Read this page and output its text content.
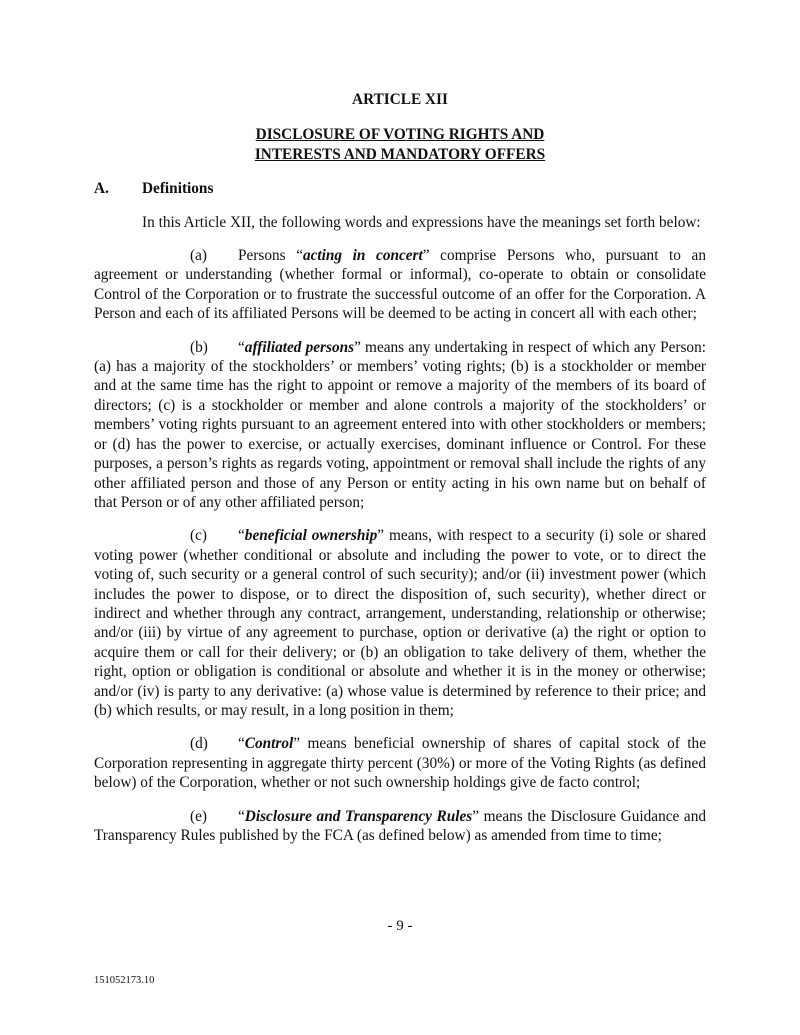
ARTICLE XII
DISCLOSURE OF VOTING RIGHTS AND
INTERESTS AND MANDATORY OFFERS
A. Definitions

In this Article XII, the following words and expressions have the meanings set forth below:

(a) Persons “acting in concert” comprise Persons who, pursuant to an agreement or understanding (whether formal or informal), co-operate to obtain or consolidate Control of the Corporation or to frustrate the successful outcome of an offer for the Corporation. A Person and each of its affiliated Persons will be deemed to be acting in concert all with each other;

(b) “affiliated persons” means any undertaking in respect of which any Person: (a) has a majority of the stockholders’ or members’ voting rights; (b) is a stockholder or member and at the same time has the right to appoint or remove a majority of the members of its board of directors; (c) is a stockholder or member and alone controls a majority of the stockholders’ or members’ voting rights pursuant to an agreement entered into with other stockholders or members; or (d) has the power to exercise, or actually exercises, dominant influence or Control. For these purposes, a person’s rights as regards voting, appointment or removal shall include the rights of any other affiliated person and those of any Person or entity acting in his own name but on behalf of that Person or of any other affiliated person;

(c) “beneficial ownership” means, with respect to a security (i) sole or shared voting power (whether conditional or absolute and including the power to vote, or to direct the voting of, such security or a general control of such security); and/or (ii) investment power (which includes the power to dispose, or to direct the disposition of, such security), whether direct or indirect and whether through any contract, arrangement, understanding, relationship or otherwise; and/or (iii) by virtue of any agreement to purchase, option or derivative (a) the right or option to acquire them or call for their delivery; or (b) an obligation to take delivery of them, whether the right, option or obligation is conditional or absolute and whether it is in the money or otherwise; and/or (iv) is party to any derivative: (a) whose value is determined by reference to their price; and (b) which results, or may result, in a long position in them;

(d) “Control” means beneficial ownership of shares of capital stock of the Corporation representing in aggregate thirty percent (30%) or more of the Voting Rights (as defined below) of the Corporation, whether or not such ownership holdings give de facto control;

(e) “Disclosure and Transparency Rules” means the Disclosure Guidance and Transparency Rules published by the FCA (as defined below) as amended from time to time;

- 9 -
151052173.10
